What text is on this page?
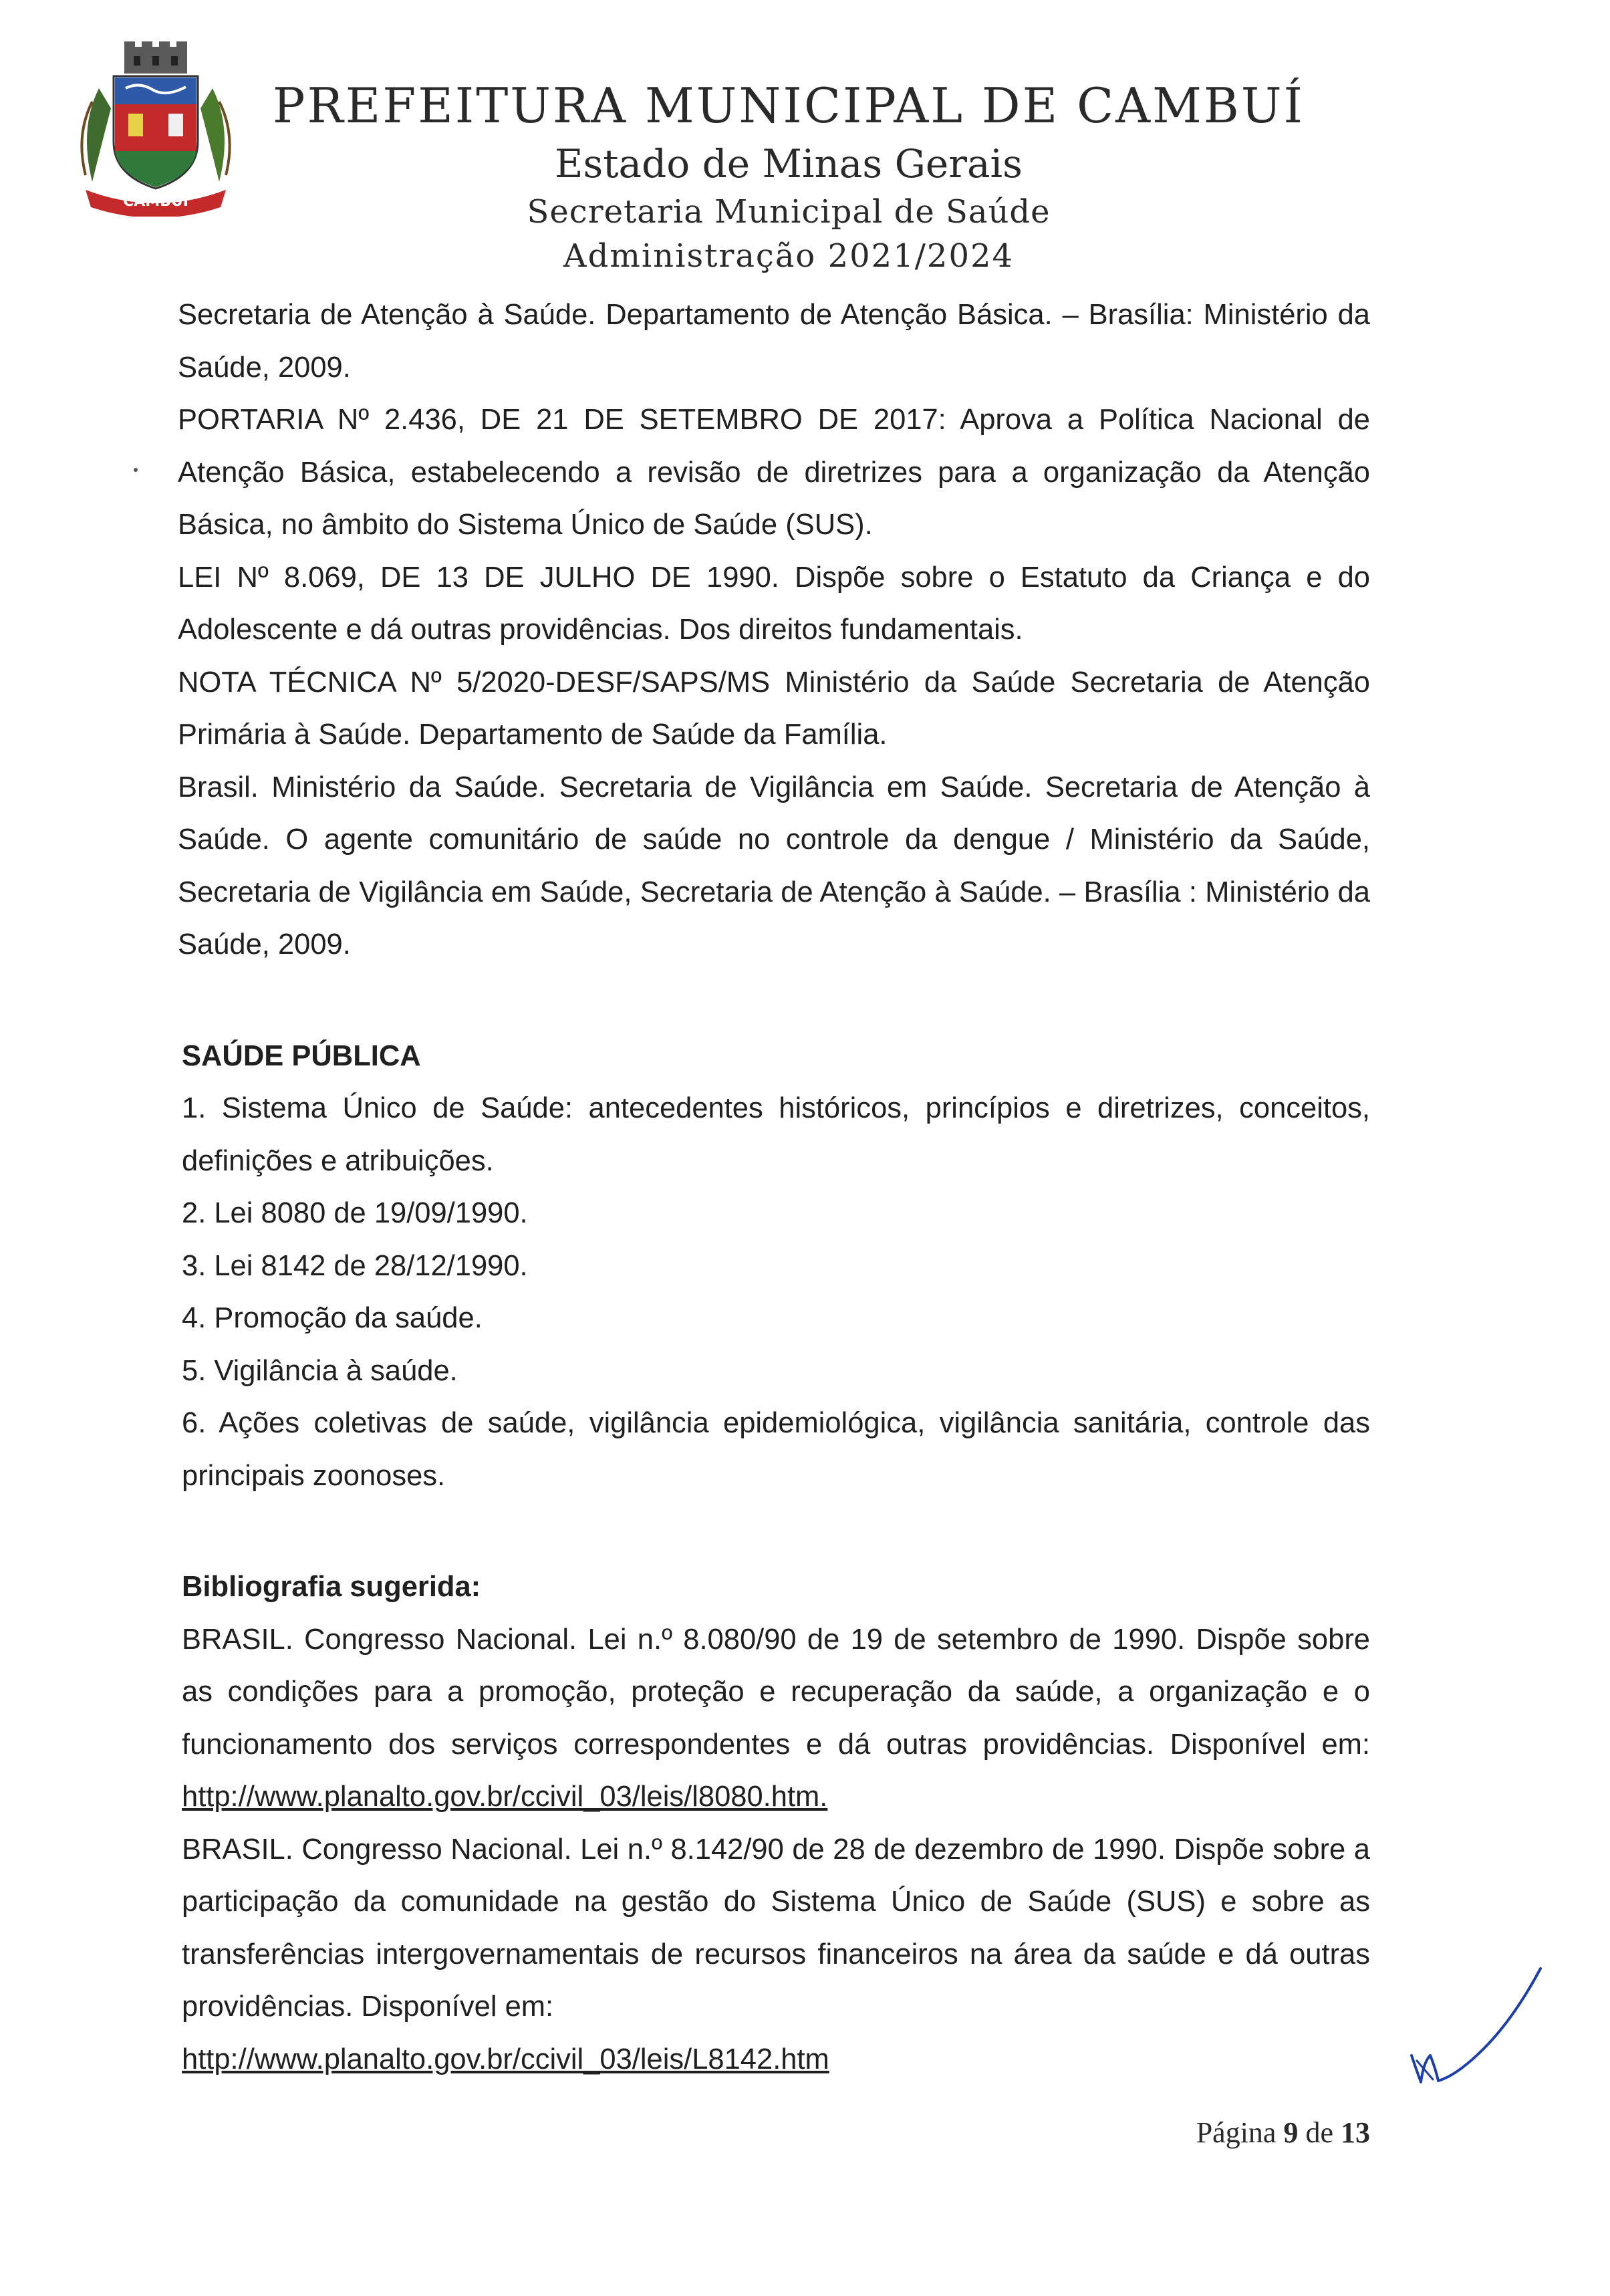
CAMBUÍ
PREFEITURA MUNICIPAL DE CAMBUÍ

Estado de Minas Gerais

Secretaria Municipal de Saúde

Administração 2021/2024

Secretaria de Atenção à Saúde. Departamento de Atenção Básica. – Brasília: Ministério da Saúde, 2009.

PORTARIA Nº 2.436, DE 21 DE SETEMBRO DE 2017: Aprova a Política Nacional de Atenção Básica, estabelecendo a revisão de diretrizes para a organização da Atenção Básica, no âmbito do Sistema Único de Saúde (SUS).

LEI Nº 8.069, DE 13 DE JULHO DE 1990. Dispõe sobre o Estatuto da Criança e do Adolescente e dá outras providências. Dos direitos fundamentais.

NOTA TÉCNICA Nº 5/2020-DESF/SAPS/MS Ministério da Saúde Secretaria de Atenção Primária à Saúde. Departamento de Saúde da Família.

Brasil. Ministério da Saúde. Secretaria de Vigilância em Saúde. Secretaria de Atenção à Saúde. O agente comunitário de saúde no controle da dengue / Ministério da Saúde, Secretaria de Vigilância em Saúde, Secretaria de Atenção à Saúde. – Brasília : Ministério da Saúde, 2009.

SAÚDE PÚBLICA

1. Sistema Único de Saúde: antecedentes históricos, princípios e diretrizes, conceitos, definições e atribuições.

2. Lei 8080 de 19/09/1990.

3. Lei 8142 de 28/12/1990.

4. Promoção da saúde.

5. Vigilância à saúde.

6. Ações coletivas de saúde, vigilância epidemiológica, vigilância sanitária, controle das principais zoonoses.

Bibliografia sugerida:

BRASIL. Congresso Nacional. Lei n.º 8.080/90 de 19 de setembro de 1990. Dispõe sobre as condições para a promoção, proteção e recuperação da saúde, a organização e o funcionamento dos serviços correspondentes e dá outras providências. Disponível em: http://www.planalto.gov.br/ccivil_03/leis/l8080.htm.

BRASIL. Congresso Nacional. Lei n.º 8.142/90 de 28 de dezembro de 1990. Dispõe sobre a participação da comunidade na gestão do Sistema Único de Saúde (SUS) e sobre as transferências intergovernamentais de recursos financeiros na área da saúde e dá outras providências. Disponível em:

http://www.planalto.gov.br/ccivil_03/leis/L8142.htm

Página 9 de 13
